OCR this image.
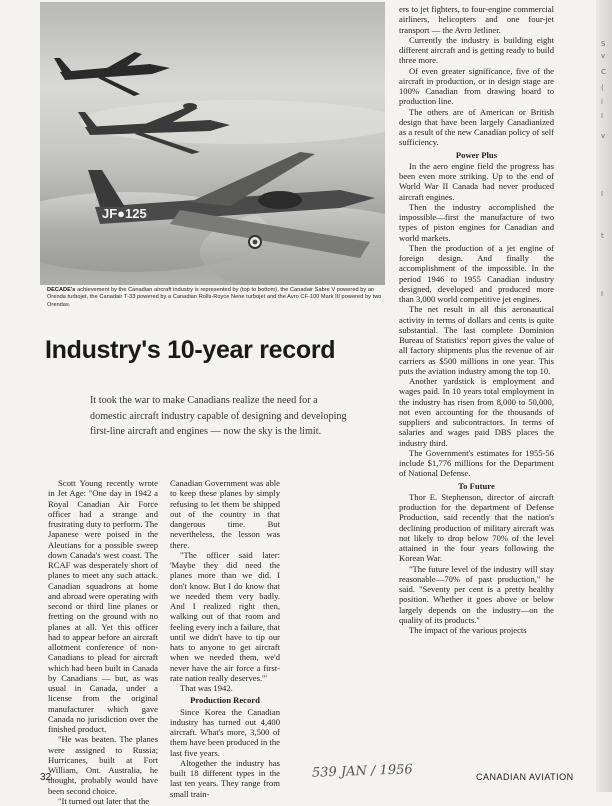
JF●125
DECADE's achievement by the Canadian aircraft industry is represented by (top to bottom), the Canadair Sabre V powered by an Orenda turbojet, the Canadair T-33 powered by a Canadian Rolls-Royce Nene turbojet and the Avro CF-100 Mark III powered by two Orendas.
Industry's 10-year record
It took the war to make Canadians realize the need for a domestic aircraft industry capable of designing and developing first-line aircraft and engines — now the sky is the limit.

Scott Young recently wrote in Jet Age: "One day in 1942 a Royal Canadian Air Force officer had a strange and frustrating duty to perform. The Japanese were poised in the Aleutians for a possible sweep down Canada's west coast. The RCAF was desperately short of planes to meet any such attack. Canadian squadrons at home and abroad were operating with second or third line planes or fretting on the ground with no planes at all. Yet this officer had to appear before an aircraft allotment conference of non-Canadians to plead for aircraft which had been built in Canada by Canadians — but, as was usual in Canada, under a license from the original manufacturer which gave Canada no jurisdiction over the finished product.

"He was beaten. The planes were assigned to Russia; Hurricanes, built at Fort William, Ont. Australia, he thought, probably would have been second choice.

"It turned out later that the

Canadian Government was able to keep these planes by simply refusing to let them be shipped out of the country in that dangerous time. But nevertheless, the lesson was there.

"The officer said later: 'Maybe they did need the planes more than we did. I don't know. But I do know that we needed them very badly. And I realized right then, walking out of that room and feeling every inch a failure, that until we didn't have to tip our hats to anyone to get aircraft when we needed them, we'd never have the air force a first-rate nation really deserves.'"

That was 1942.

Production Record

Since Korea the Canadian industry has turned out 4,400 aircraft. What's more, 3,500 of them have been produced in the last five years.

Altogether the industry has built 18 different types in the last ten years. They range from small train-

ers to jet fighters, to four-engine commercial airliners, helicopters and one four-jet transport — the Avro Jetliner.

Currently the industry is building eight different aircraft and is getting ready to build three more.

Of even greater significance, five of the aircraft in production, or in design stage are 100% Canadian from drawing board to production line.

The others are of American or British design that have been largely Canadianized as a result of the new Canadian policy of self sufficiency.

Power Plus

In the aero engine field the progress has been even more striking. Up to the end of World War II Canada had never produced aircraft engines.

Then the industry accomplished the impossible—first the manufacture of two types of piston engines for Canadian and world markets.

Then the production of a jet engine of foreign design. And finally the accomplishment of the impossible. In the period 1946 to 1955 Canadian industry designed, developed and produced more than 3,000 world competitive jet engines.

The net result in all this aeronautical activity in terms of dollars and cents is quite substantial. The last complete Dominion Bureau of Statistics' report gives the value of all factory shipments plus the revenue of air carriers as $500 millions in one year. This puts the aviation industry among the top 10.

Another yardstick is employment and wages paid. In 10 years total employment in the industry has risen from 8,000 to 50,000, not even accounting for the thousands of suppliers and subcontractors. In terms of salaries and wages paid DBS places the industry third.

The Government's estimates for 1955-56 include $1,776 millions for the Department of National Defense.

To Future

Thor E. Stephenson, director of aircraft production for the department of Defense Production, said recently that the nation's declining production of military aircraft was not likely to drop below 70% of the level attained in the four years following the Korean War.

"The future level of the industry will stay reasonable—70% of past production," he said. "Seventy per cent is a pretty healthy position. Whether it goes above or below largely depends on the industry—on the quality of its products."

The impact of the various projects

S
v
C
(
i
I
v
I
t
I
32	539 JAN / 1956	CANADIAN AVIATION
